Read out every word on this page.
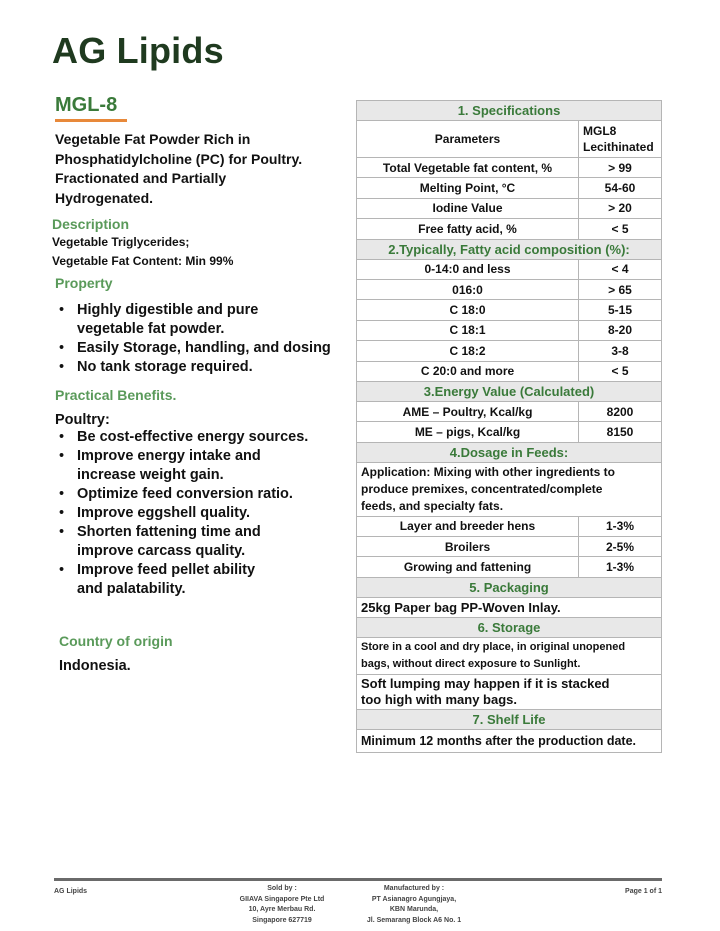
AG Lipids
MGL-8
Vegetable Fat Powder Rich in
Phosphatidylcholine (PC) for Poultry.
Fractionated and Partially
Hydrogenated.
Description
Vegetable Triglycerides;
Vegetable Fat Content: Min 99%
Property
• Highly digestible and pure
vegetable fat powder.
• Easily Storage, handling, and dosing
• No tank storage required.
Practical Benefits.
Poultry:
• Be cost-effective energy sources.
• Improve energy intake and
increase weight gain.
• Optimize feed conversion ratio.
• Improve eggshell quality.
• Shorten fattening time and
improve carcass quality.
• Improve feed pellet ability
and palatability.
Country of origin
Indonesia.
1. Specifications	
Parameters	MGL8
Lecithinated

Total Vegetable fat content, %	> 99
Melting Point, °C	54-60
Iodine Value	> 20
Free fatty acid, %	< 5
2.Typically, Fatty acid composition (%):	
0-14:0 and less	< 4
016:0	> 65
C 18:0	5-15
C 18:1	8-20
C 18:2	3-8
C 20:0 and more	< 5
3.Energy Value (Calculated)	
AME – Poultry, Kcal/kg	8200
ME – pigs, Kcal/kg	8150
4.Dosage in Feeds:	

Application: Mixing with other ingredients to
produce premixes, concentrated/complete
feeds, and specialty fats.	

Layer and breeder hens	1-3%
Broilers	2-5%
Growing and fattening	1-3%
5. Packaging	
25kg Paper bag PP-Woven Inlay.	
6. Storage	

Store in a cool and dry place, in original unopened
bags, without direct exposure to Sunlight.	

Soft lumping may happen if it is stacked
too high with many bags.	

7. Shelf Life	
Minimum 12 months after the production date.	
AG Lipids	Sold by :
GIIAVA Singapore Pte Ltd
10, Ayre Merbau Rd.
Singapore 627719
Manufactured by :
PT Asianagro Agungjaya,
KBN Marunda,
Jl. Semarang Block A6 No. 1
Page 1 of 1
